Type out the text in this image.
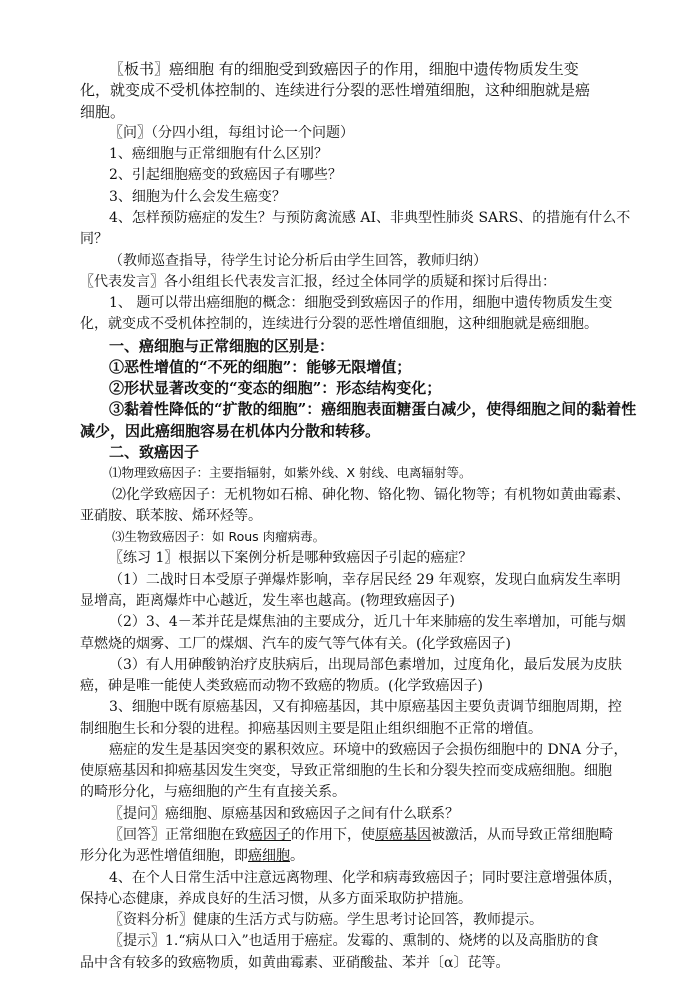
〖板书〗癌细胞 有的细胞受到致癌因子的作用，细胞中遗传物质发生变
化，就变成不受机体控制的、连续进行分裂的恶性增殖细胞，这种细胞就是癌
细胞。
〖问〗（分四小组，每组讨论一个问题）
1、癌细胞与正常细胞有什么区别？
2、引起细胞癌变的致癌因子有哪些？
3、细胞为什么会发生癌变？
4、怎样预防癌症的发生？与预防禽流感 AI、非典型性肺炎 SARS、的措施有什么不
同？
（教师巡查指导，待学生讨论分析后由学生回答，教师归纳）
〖代表发言〗各小组组长代表发言汇报，经过全体同学的质疑和探讨后得出：
1、 题可以带出癌细胞的概念：细胞受到致癌因子的作用，细胞中遗传物质发生变
化，就变成不受机体控制的，连续进行分裂的恶性增值细胞，这种细胞就是癌细胞。
一、癌细胞与正常细胞的区别是：
①恶性增值的“不死的细胞”：能够无限增值；
②形状显著改变的“变态的细胞”：形态结构变化；
③黏着性降低的“扩散的细胞”：癌细胞表面糖蛋白减少，使得细胞之间的黏着性
减少，因此癌细胞容易在机体内分散和转移。
二、致癌因子
⑴物理致癌因子：主要指辐射，如紫外线、X 射线、电离辐射等。
⑵化学致癌因子：无机物如石棉、砷化物、铬化物、镉化物等；有机物如黄曲霉素、
亚硝胺、联苯胺、烯环烃等。
⑶生物致癌因子：如 Rous 肉瘤病毒。
〖练习 1〗根据以下案例分析是哪种致癌因子引起的癌症？
（1）二战时日本受原子弹爆炸影响，幸存居民经 29 年观察，发现白血病发生率明
显增高，距离爆炸中心越近，发生率也越高。(物理致癌因子)
（2）3、4－苯并芘是煤焦油的主要成分，近几十年来肺癌的发生率增加，可能与烟
草燃烧的烟雾、工厂的煤烟、汽车的废气等气体有关。(化学致癌因子)
（3）有人用砷酸钠治疗皮肤病后，出现局部色素增加，过度角化，最后发展为皮肤
癌，砷是唯一能使人类致癌而动物不致癌的物质。(化学致癌因子)
3、细胞中既有原癌基因，又有抑癌基因，其中原癌基因主要负责调节细胞周期，控
制细胞生长和分裂的进程。抑癌基因则主要是阻止组织细胞不正常的增值。
癌症的发生是基因突变的累积效应。环境中的致癌因子会损伤细胞中的 DNA 分子，
使原癌基因和抑癌基因发生突变，导致正常细胞的生长和分裂失控而变成癌细胞。细胞
的畸形分化，与癌细胞的产生有直接关系。
〖提问〗癌细胞、原癌基因和致癌因子之间有什么联系？
〖回答〗正常细胞在致癌因子的作用下，使原癌基因被激活，从而导致正常细胞畸
形分化为恶性增值细胞，即癌细胞。
4、在个人日常生活中注意远离物理、化学和病毒致癌因子；同时要注意增强体质，
保持心态健康，养成良好的生活习惯，从多方面采取防护措施。
〖资料分析〗健康的生活方式与防癌。学生思考讨论回答，教师提示。
〖提示〗1.“病从口入”也适用于癌症。发霉的、熏制的、烧烤的以及高脂肪的食
品中含有较多的致癌物质，如黄曲霉素、亚硝酸盐、苯并〔α〕芘等。
